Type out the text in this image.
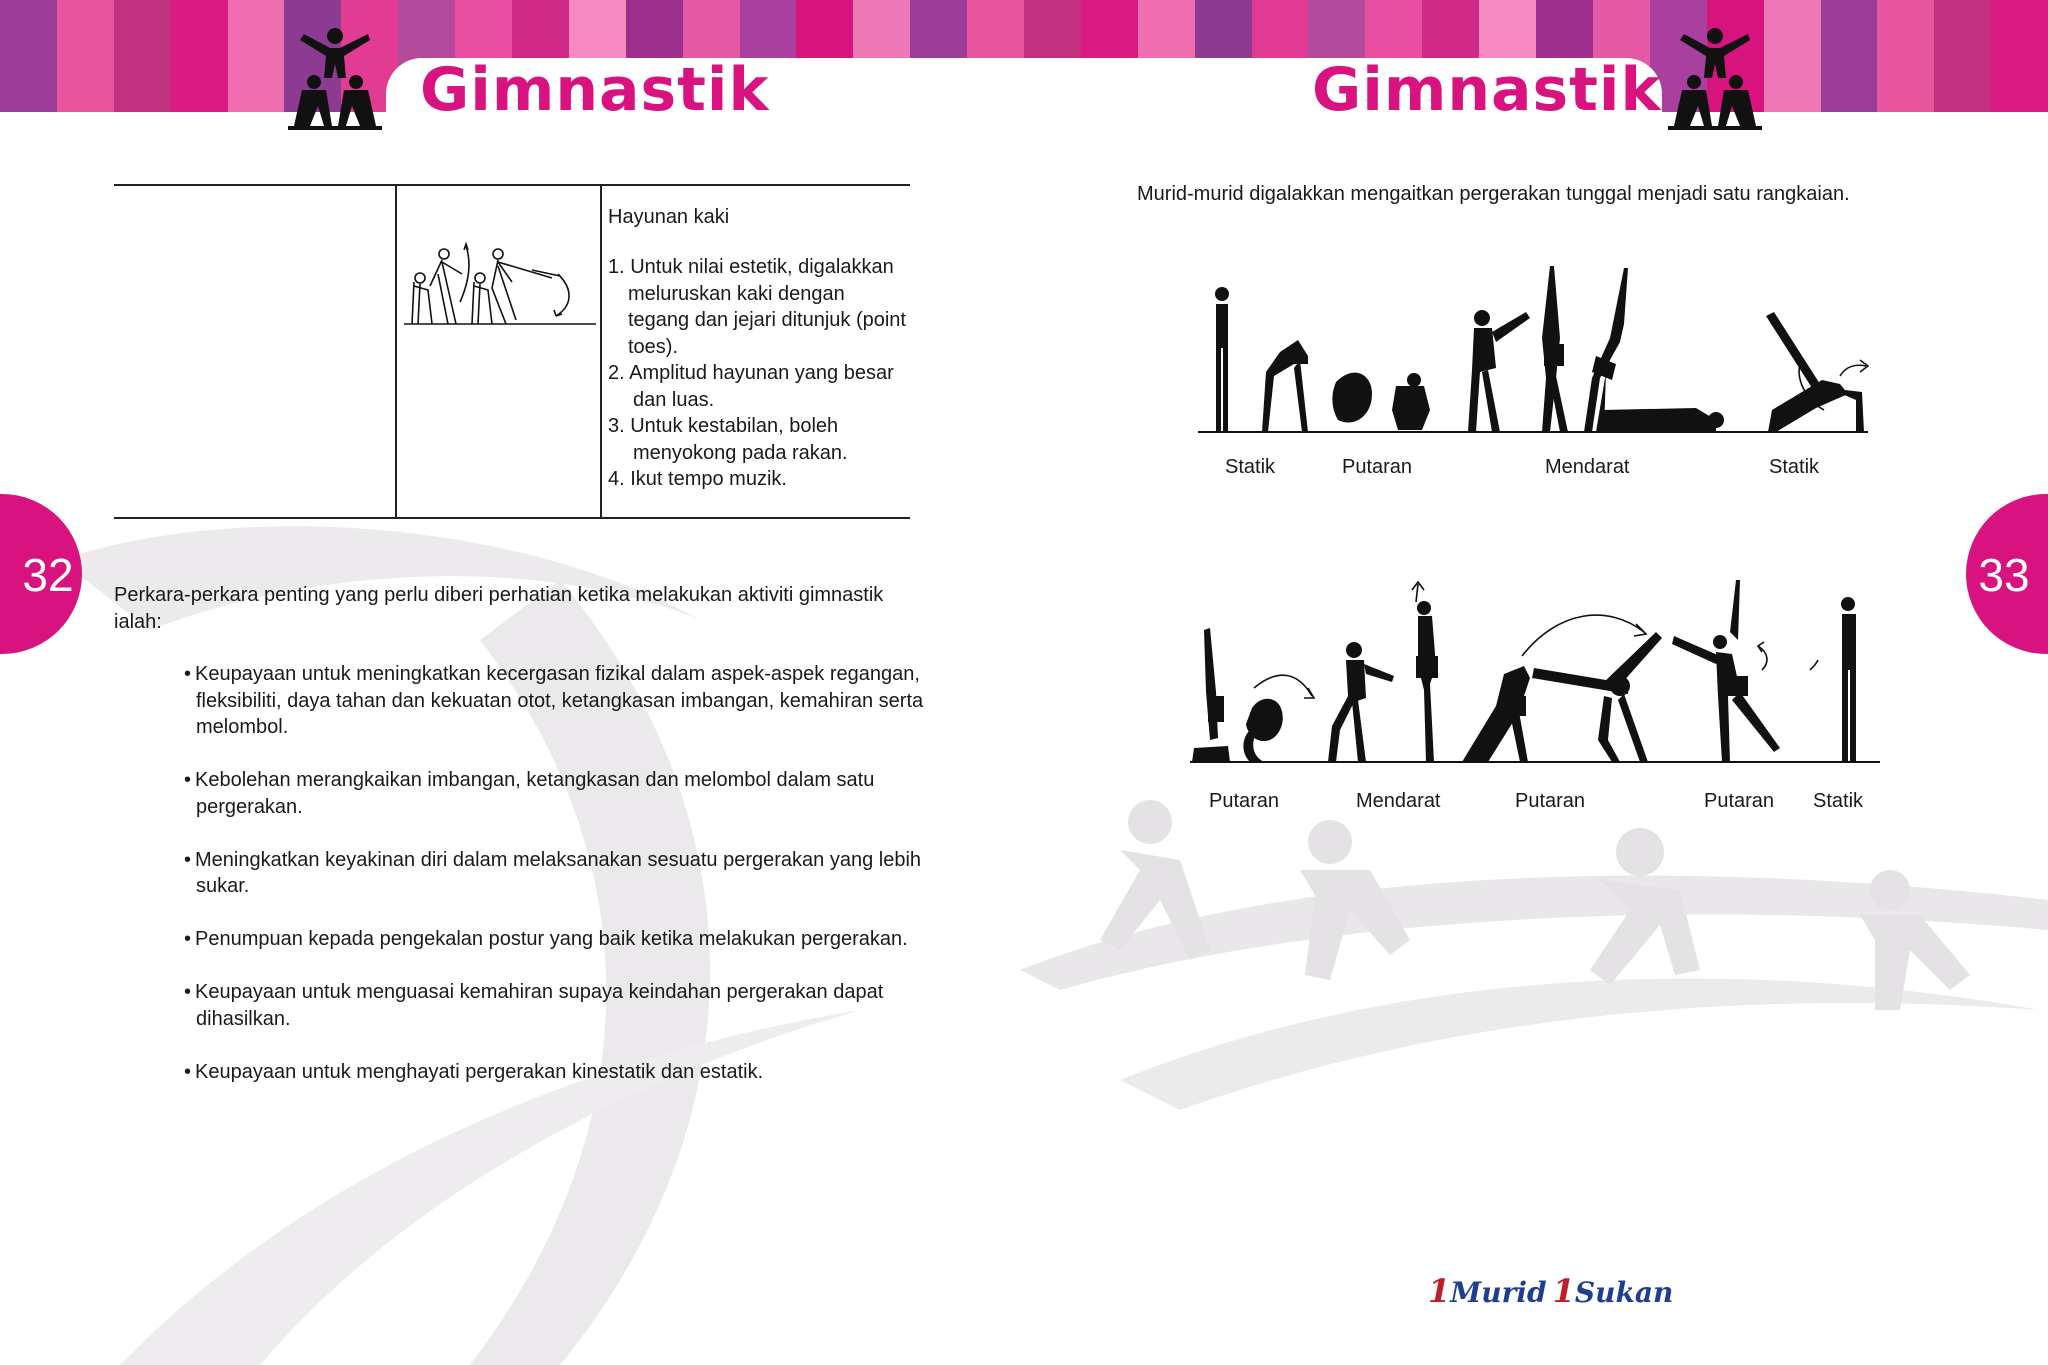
Gimnastik	Gimnastik
32	33
Hayunan kaki
1. Untuk nilai estetik, digalakkan meluruskan kaki dengan tegang dan jejari ditunjuk (point toes).
2. Amplitud hayunan yang besar dan luas.
3. Untuk kestabilan, boleh menyokong pada rakan.
4. Ikut tempo muzik.
Perkara-perkara penting yang perlu diberi perhatian ketika melakukan aktiviti gimnastik ialah:
• Keupayaan untuk meningkatkan kecergasan fizikal dalam aspek-aspek regangan, fleksibiliti, daya tahan dan kekuatan otot, ketangkasan imbangan, kemahiran serta melombol.
• Kebolehan merangkaikan imbangan, ketangkasan dan melombol dalam satu pergerakan.
• Meningkatkan keyakinan diri dalam melaksanakan sesuatu pergerakan yang lebih sukar.
• Penumpuan kepada pengekalan postur yang baik ketika melakukan pergerakan.
• Keupayaan untuk menguasai kemahiran supaya keindahan pergerakan dapat dihasilkan.
• Keupayaan untuk menghayati pergerakan kinestatik dan estatik.
Murid-murid digalakkan mengaitkan pergerakan tunggal menjadi satu rangkaian.
Statik	Putaran	Mendarat	Statik
Putaran	Mendarat	Putaran	Putaran Statik
1Murid 1Sukan
